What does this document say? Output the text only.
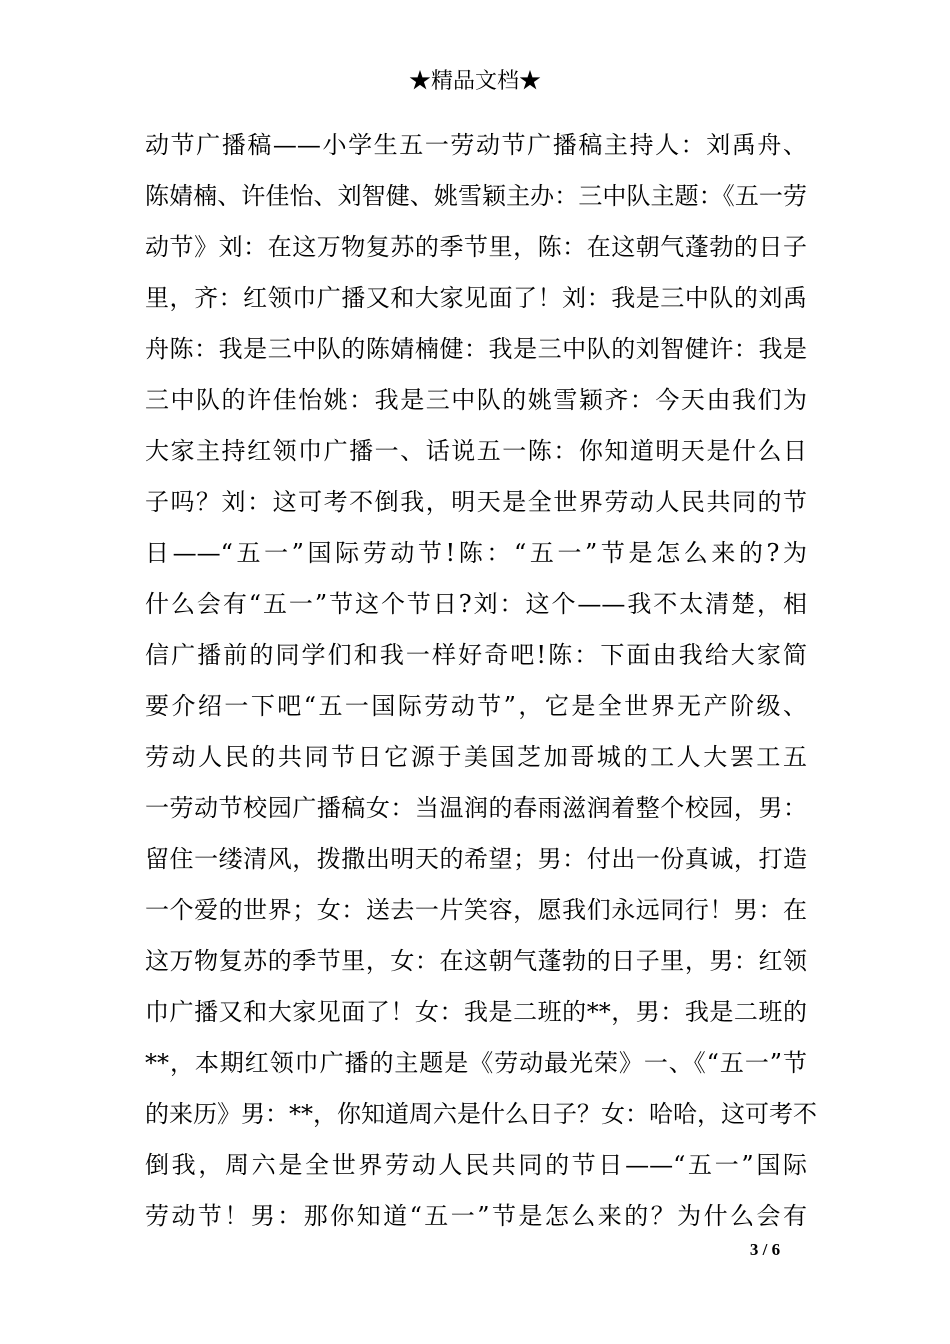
★精品文档★
动节广播稿——小学生五一劳动节广播稿主持人：刘禹舟、
陈婧楠、许佳怡、刘智健、姚雪颖主办：三中队主题：《五一劳
动节》刘：在这万物复苏的季节里，陈：在这朝气蓬勃的日子
里，齐：红领巾广播又和大家见面了！刘：我是三中队的刘禹
舟陈：我是三中队的陈婧楠健：我是三中队的刘智健许：我是
三中队的许佳怡姚：我是三中队的姚雪颖齐：今天由我们为
大家主持红领巾广播一、话说五一陈：你知道明天是什么日
子吗？刘：这可考不倒我，明天是全世界劳动人民共同的节
日——“五一”国际劳动节!陈：“五一”节是怎么来的?为
什么会有“五一”节这个节日?刘：这个——我不太清楚，相
信广播前的同学们和我一样好奇吧!陈：下面由我给大家简
要介绍一下吧“五一国际劳动节”，它是全世界无产阶级、
劳动人民的共同节日它源于美国芝加哥城的工人大罢工五
一劳动节校园广播稿女：当温润的春雨滋润着整个校园，男：
留住一缕清风，拨撒出明天的希望；男：付出一份真诚，打造
一个爱的世界；女：送去一片笑容，愿我们永远同行！男：在
这万物复苏的季节里，女：在这朝气蓬勃的日子里，男：红领
巾广播又和大家见面了！女：我是二班的**，男：我是二班的
**，本期红领巾广播的主题是《劳动最光荣》一、《“五一”节
的来历》男：**，你知道周六是什么日子？女：哈哈，这可考不
倒我，周六是全世界劳动人民共同的节日——“五一”国际
劳动节！男：那你知道“五一”节是怎么来的？为什么会有
3 / 6
